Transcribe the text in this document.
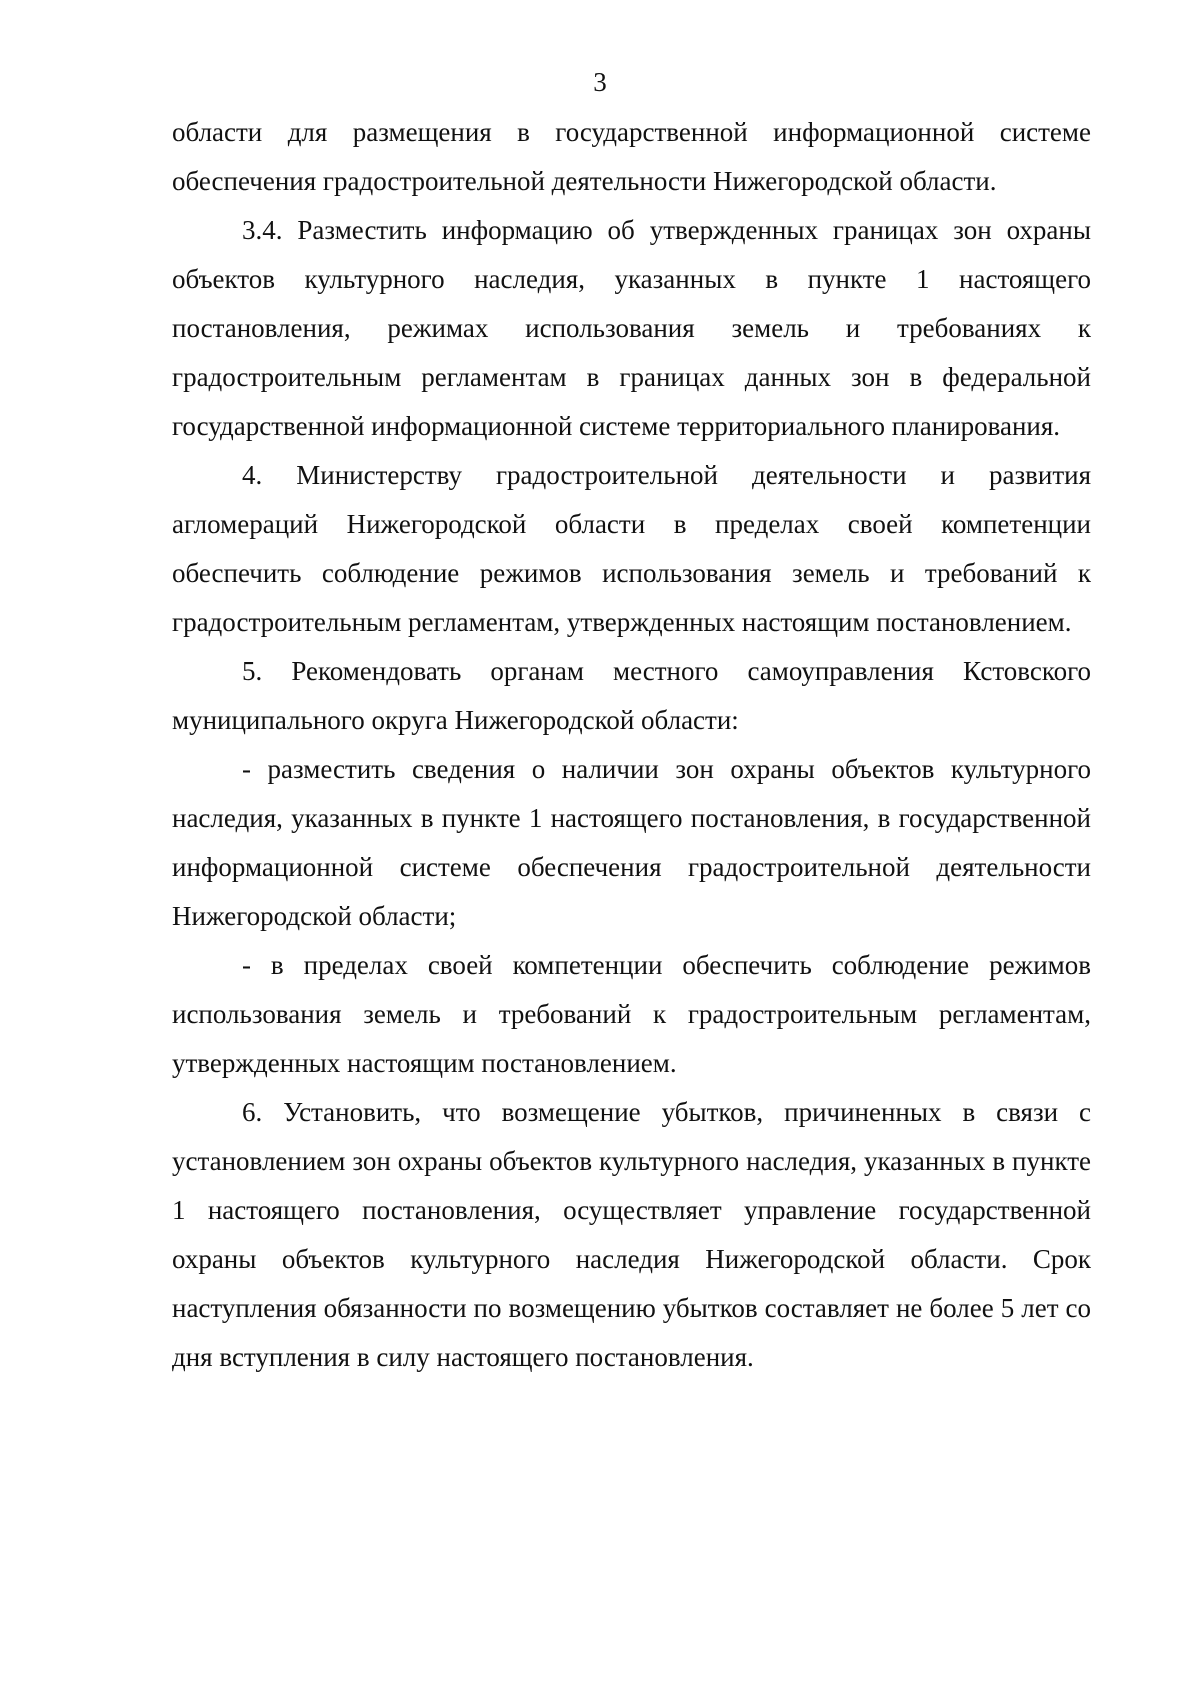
3

области для размещения в государственной информационной системе обеспечения градостроительной деятельности Нижегородской области.

3.4. Разместить информацию об утвержденных границах зон охраны объектов культурного наследия, указанных в пункте 1 настоящего постановления, режимах использования земель и требованиях к градостроительным регламентам в границах данных зон в федеральной государственной информационной системе территориального планирования.

4. Министерству градостроительной деятельности и развития агломераций Нижегородской области в пределах своей компетенции обеспечить соблюдение режимов использования земель и требований к градостроительным регламентам, утвержденных настоящим постановлением.

5. Рекомендовать органам местного самоуправления Кстовского муниципального округа Нижегородской области:

- разместить сведения о наличии зон охраны объектов культурного наследия, указанных в пункте 1 настоящего постановления, в государственной информационной системе обеспечения градостроительной деятельности Нижегородской области;

- в пределах своей компетенции обеспечить соблюдение режимов использования земель и требований к градостроительным регламентам, утвержденных настоящим постановлением.

6. Установить, что возмещение убытков, причиненных в связи с установлением зон охраны объектов культурного наследия, указанных в пункте 1 настоящего постановления, осуществляет управление государственной охраны объектов культурного наследия Нижегородской области. Срок наступления обязанности по возмещению убытков составляет не более 5 лет со дня вступления в силу настоящего постановления.
